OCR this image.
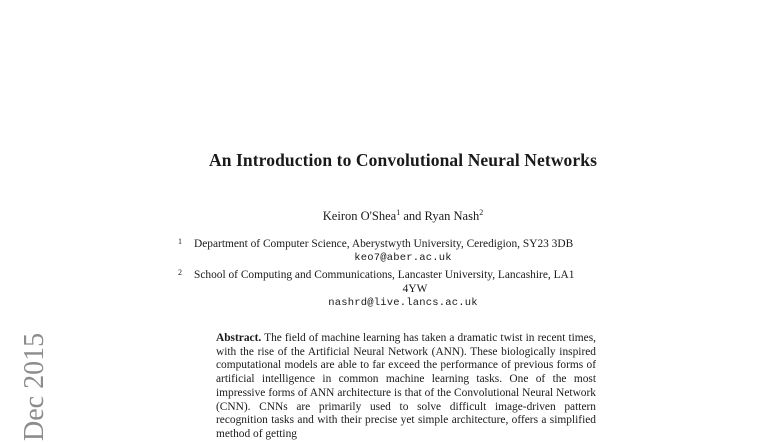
An Introduction to Convolutional Neural Networks
Keiron O'Shea$^1$ and Ryan Nash$^2$
1	Department of Computer Science, Aberystwyth University, Ceredigion, SY23 3DB
keo7@aber.ac.uk
2	School of Computing and Communications, Lancaster University, Lancashire, LA1
4YW
nashrd@live.lancs.ac.uk
Abstract. The field of machine learning has taken a dramatic twist in recent times, with the rise of the Artificial Neural Network (ANN). These biologically inspired computational models are able to far exceed the performance of previous forms of artificial intelligence in common machine learning tasks. One of the most impressive forms of ANN architecture is that of the Convolutional Neural Network (CNN). CNNs are primarily used to solve difficult image-driven pattern recognition tasks and with their precise yet simple architecture, offers a simplified method of getting
Dec 2015
